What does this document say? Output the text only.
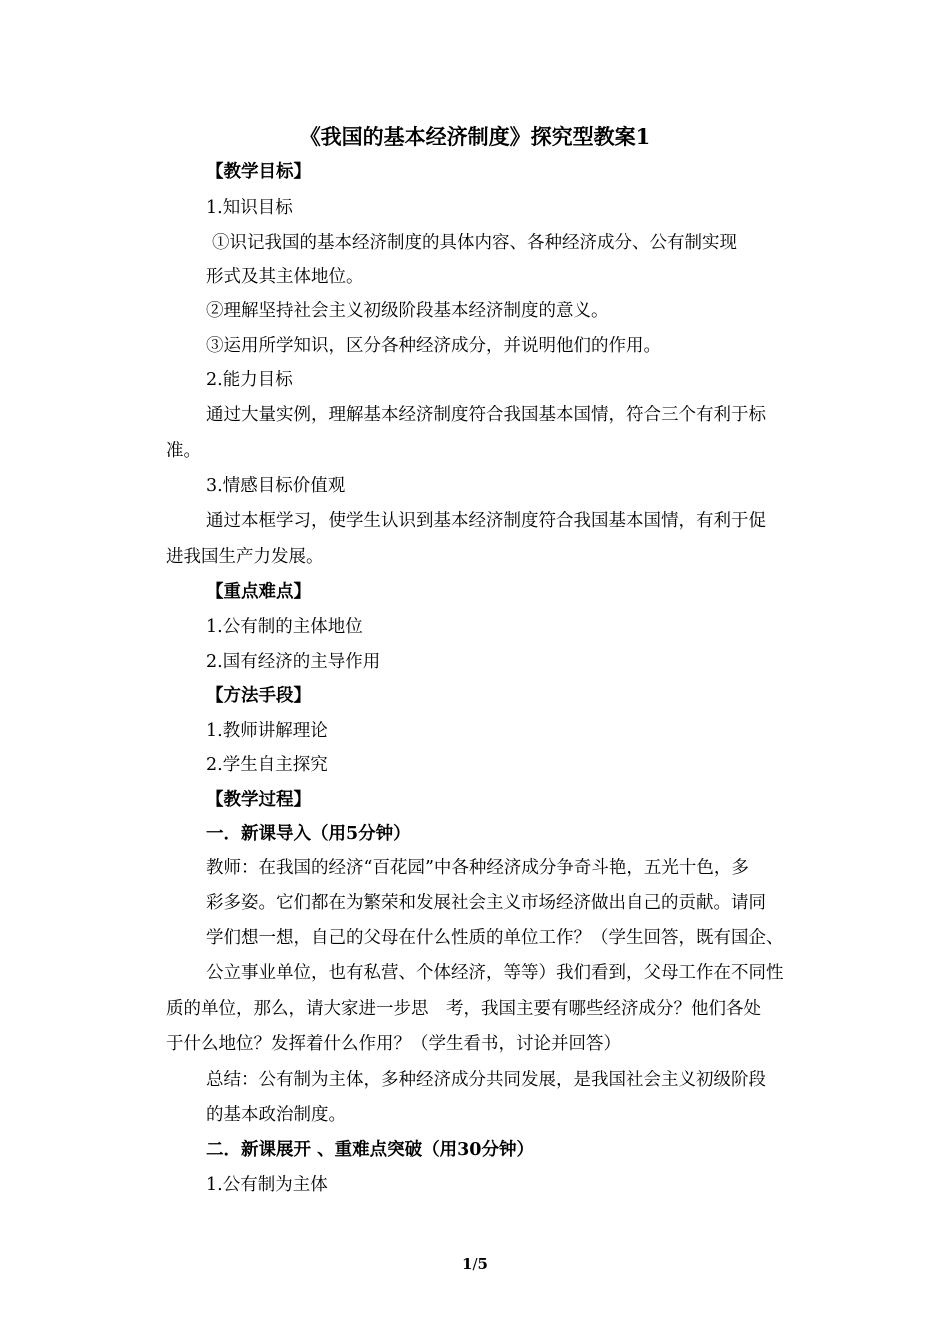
《我国的基本经济制度》探究型教案1
【教学目标】
1.知识目标
①识记我国的基本经济制度的具体内容、各种经济成分、公有制实现
形式及其主体地位。
②理解坚持社会主义初级阶段基本经济制度的意义。
③运用所学知识，区分各种经济成分，并说明他们的作用。
2.能力目标
通过大量实例，理解基本经济制度符合我国基本国情，符合三个有利于标
准。
3.情感目标价值观
通过本框学习，使学生认识到基本经济制度符合我国基本国情，有利于促
进我国生产力发展。
【重点难点】
1.公有制的主体地位
2.国有经济的主导作用
【方法手段】
1.教师讲解理论
2.学生自主探究
【教学过程】
一．新课导入（用5分钟）
教师：在我国的经济“百花园”中各种经济成分争奇斗艳，五光十色，多
彩多姿。它们都在为繁荣和发展社会主义市场经济做出自己的贡献。请同
学们想一想，自己的父母在什么性质的单位工作？（学生回答，既有国企、
公立事业单位，也有私营、个体经济，等等）我们看到，父母工作在不同性
质的单位，那么，请大家进一步思　考，我国主要有哪些经济成分？他们各处
于什么地位？发挥着什么作用？（学生看书，讨论并回答）
总结：公有制为主体，多种经济成分共同发展，是我国社会主义初级阶段
的基本政治制度。
二．新课展开 、重难点突破（用30分钟）
1.公有制为主体
1/5
